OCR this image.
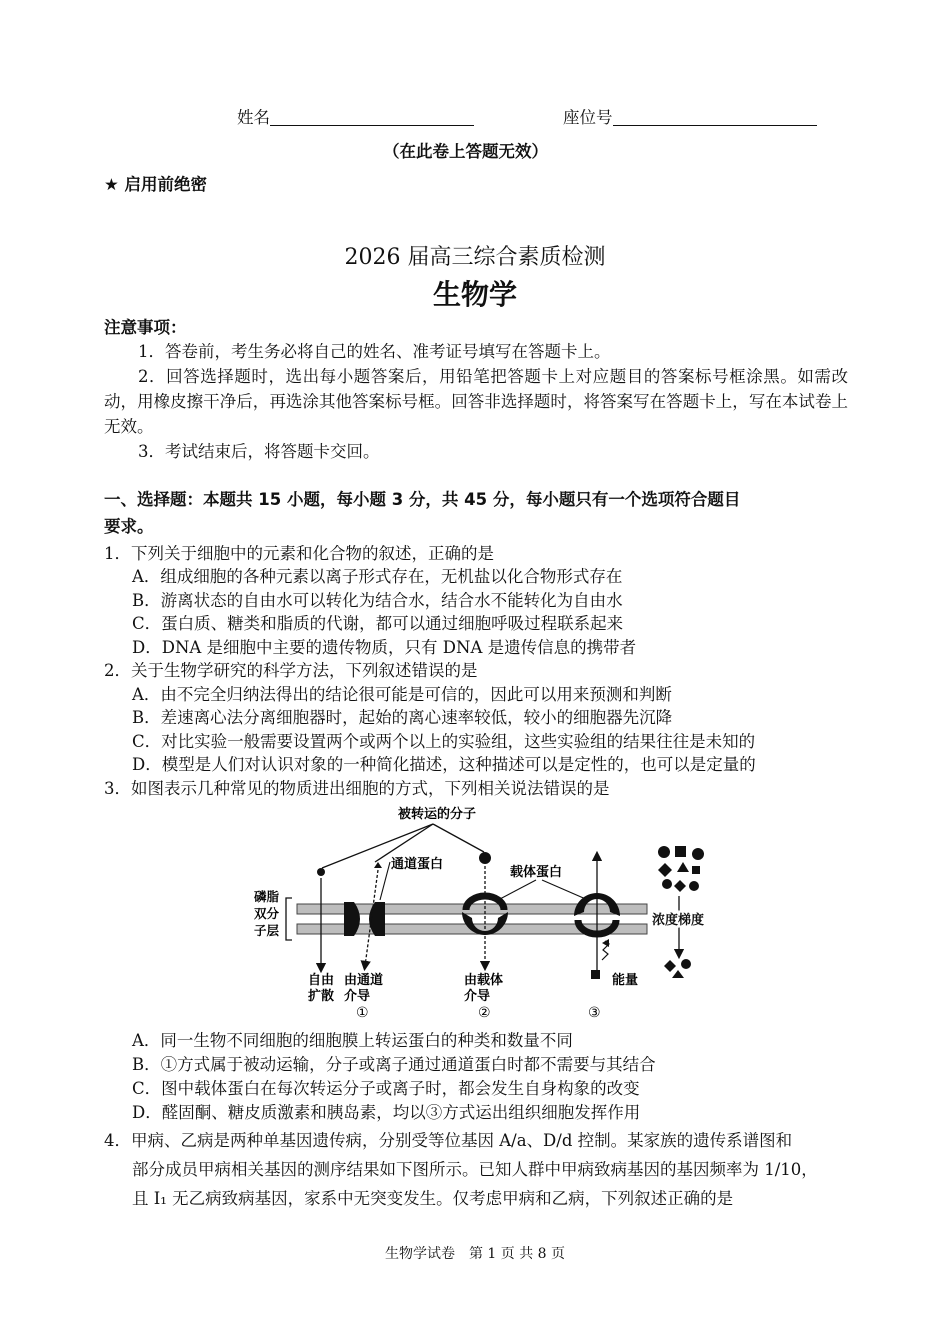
姓名	座位号
（在此卷上答题无效）
★ 启用前绝密
2026 届高三综合素质检测
生物学
注意事项：
1．答卷前，考生务必将自己的姓名、准考证号填写在答题卡上。
2．回答选择题时，选出每小题答案后，用铅笔把答题卡上对应题目的答案标号框涂黑。如需改动，用橡皮擦干净后，再选涂其他答案标号框。回答非选择题时，将答案写在答题卡上，写在本试卷上无效。
3．考试结束后，将答题卡交回。
一、选择题：本题共 15 小题，每小题 3 分，共 45 分，每小题只有一个选项符合题目
要求。
1．下列关于细胞中的元素和化合物的叙述，正确的是
A．组成细胞的各种元素以离子形式存在，无机盐以化合物形式存在
B．游离状态的自由水可以转化为结合水，结合水不能转化为自由水
C．蛋白质、糖类和脂质的代谢，都可以通过细胞呼吸过程联系起来
D．DNA 是细胞中主要的遗传物质，只有 DNA 是遗传信息的携带者
2．关于生物学研究的科学方法，下列叙述错误的是
A．由不完全归纳法得出的结论很可能是可信的，因此可以用来预测和判断
B．差速离心法分离细胞器时，起始的离心速率较低，较小的细胞器先沉降
C．对比实验一般需要设置两个或两个以上的实验组，这些实验组的结果往往是未知的
D．模型是人们对认识对象的一种简化描述，这种描述可以是定性的，也可以是定量的
3．如图表示几种常见的物质进出细胞的方式，下列相关说法错误的是
被转运的分子
磷脂
双分
子层
通道蛋白
载体蛋白
能量
浓度梯度
自由
扩散
由通道
介导
①
由载体
介导
②	③
A．同一生物不同细胞的细胞膜上转运蛋白的种类和数量不同
B．①方式属于被动运输，分子或离子通过通道蛋白时都不需要与其结合
C．图中载体蛋白在每次转运分子或离子时，都会发生自身构象的改变
D．醛固酮、糖皮质激素和胰岛素，均以③方式运出组织细胞发挥作用
4．甲病、乙病是两种单基因遗传病，分别受等位基因 A/a、D/d 控制。某家族的遗传系谱图和
部分成员甲病相关基因的测序结果如下图所示。已知人群中甲病致病基因的基因频率为 1/10，
且 Ⅰ₁ 无乙病致病基因，家系中无突变发生。仅考虑甲病和乙病，下列叙述正确的是
生物学试卷　第 1 页 共 8 页
